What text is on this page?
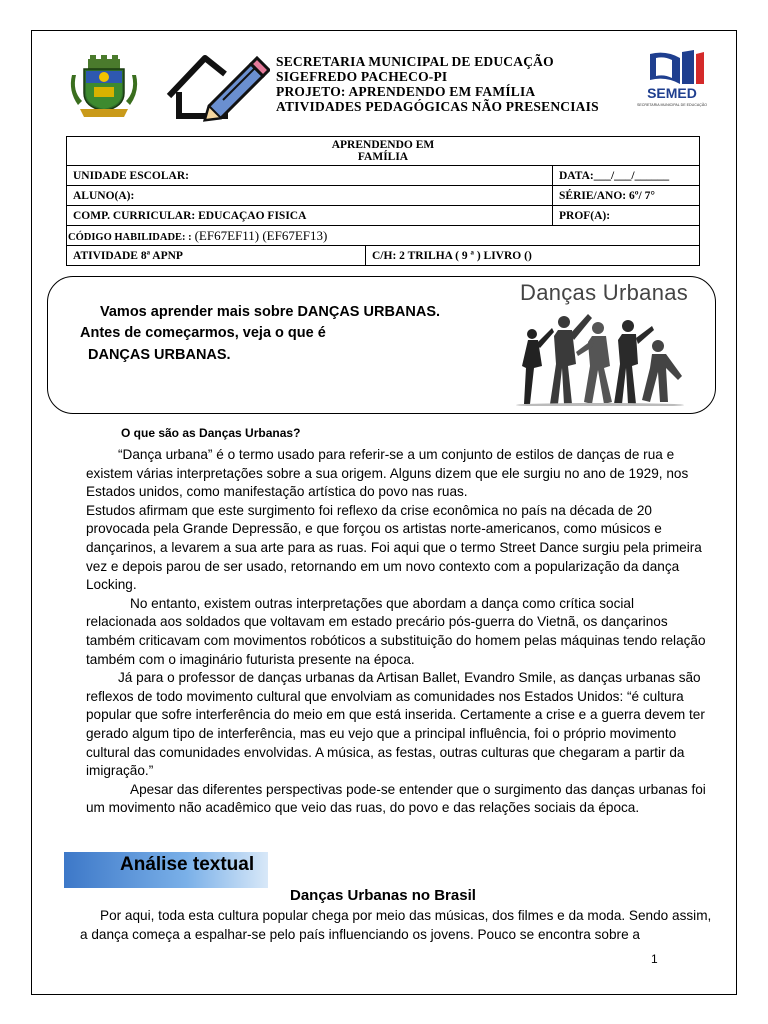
SECRETARIA MUNICIPAL DE EDUCAÇÃO
SIGEFREDO PACHECO-PI
PROJETO: APRENDENDO EM FAMÍLIA
ATIVIDADES PEDAGÓGICAS NÃO PRESENCIAIS
SEMED
SECRETARIA MUNICIPAL DE EDUCAÇÃO
APRENDENDO EM
FAMÍLIA		

UNIDADE ESCOLAR:		DATA:___/___/______
ALUNO(A):		SÉRIE/ANO: 6º/ 7°
COMP. CURRICULAR: EDUCAÇAO FISICA		PROF(A):
CÓDIGO HABILIDADE: : (EF67EF11) (EF67EF13)		
ATIVIDADE 8ª APNP	C/H: 2 TRILHA ( 9 ª ) LIVRO ()	
Vamos aprender mais sobre DANÇAS URBANAS.
Antes de começarmos, veja o que é
DANÇAS URBANAS.
Danças Urbanas
O que são as Danças Urbanas?

“Dança urbana” é o termo usado para referir-se a um conjunto de estilos de danças de rua e existem várias interpretações sobre a sua origem. Alguns dizem que ele surgiu no ano de 1929, nos Estados unidos, como manifestação artística do povo nas ruas.

Estudos afirmam que este surgimento foi reflexo da crise econômica no país na década de 20 provocada pela Grande Depressão, e que forçou os artistas norte-americanos, como músicos e dançarinos, a levarem a sua arte para as ruas. Foi aqui que o termo Street Dance surgiu pela primeira vez e depois parou de ser usado, retornando em um novo contexto com a popularização da dança Locking.

No entanto, existem outras interpretações que abordam a dança como crítica social relacionada aos soldados que voltavam em estado precário pós-guerra do Vietnã, os dançarinos também criticavam com movimentos robóticos a substituição do homem pelas máquinas tendo relação também com o imaginário futurista presente na época.

Já para o professor de danças urbanas da Artisan Ballet, Evandro Smile, as danças urbanas são reflexos de todo movimento cultural que envolviam as comunidades nos Estados Unidos: “é cultura popular que sofre interferência do meio em que está inserida. Certamente a crise e a guerra devem ter gerado algum tipo de interferência, mas eu vejo que a principal influência, foi o próprio movimento cultural das comunidades envolvidas. A música, as festas, outras culturas que chegaram a partir da imigração.”

Apesar das diferentes perspectivas pode-se entender que o surgimento das danças urbanas foi um movimento não acadêmico que veio das ruas, do povo e das relações sociais da época.

Análise textual
Danças Urbanas no Brasil

Por aqui, toda esta cultura popular chega por meio das músicas, dos filmes e da moda. Sendo assim, a dança começa a espalhar-se pelo país influenciando os jovens. Pouco se encontra sobre a

1
